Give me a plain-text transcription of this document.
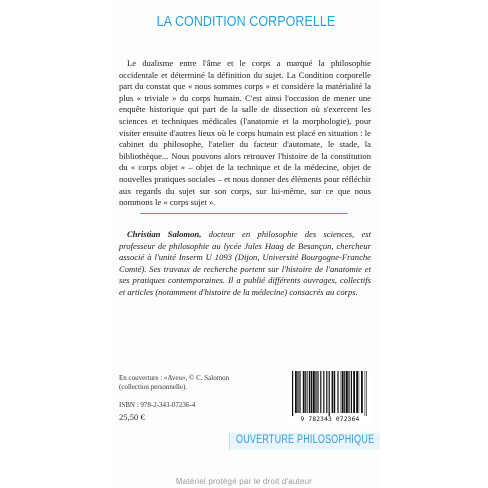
LA CONDITION CORPORELLE

Le dualisme entre l'âme et le corps a marqué la philosophie occidentale et déterminé la définition du sujet. La Condition corporelle part du constat que « nous sommes corps » et considère la matérialité la plus « triviale » du corps humain. C'est ainsi l'occasion de mener une enquête historique qui part de la salle de dissection où s'exercent les sciences et techniques médicales (l'anatomie et la morphologie), pour visiter ensuite d'autres lieux où le corps humain est placé en situation : le cabinet du philosophe, l'atelier du facteur d'automate, le stade, la bibliothèque... Nous pouvons alors retrouver l'histoire de la constitution du « corps objet » – objet de la technique et de la médecine, objet de nouvelles pratiques sociales – et nous donner des éléments pour réfléchir aux regards du sujet sur son corps, sur lui-même, sur ce que nous nommons le « corps sujet ».

Christian Salomon, docteur en philosophie des sciences, est professeur de philosophie au lycée Jules Haag de Besançon, chercheur associé à l'unité Inserm U 1093 (Dijon, Université Bourgogne-Franche Comté). Ses travaux de recherche portent sur l'histoire de l'anatomie et ses pratiques contemporaines. Il a publié différents ouvrages, collectifs et articles (notamment d'histoire de la médecine) consacrés au corps.

En couverture : «Aveu», © C. Salomon
(collection personnelle).
ISBN : 978-2-343-07236-4
25,50 €	9 782343 072364
OUVERTURE PHILOSOPHIQUE
Matériel protégé par le droit d'auteur
